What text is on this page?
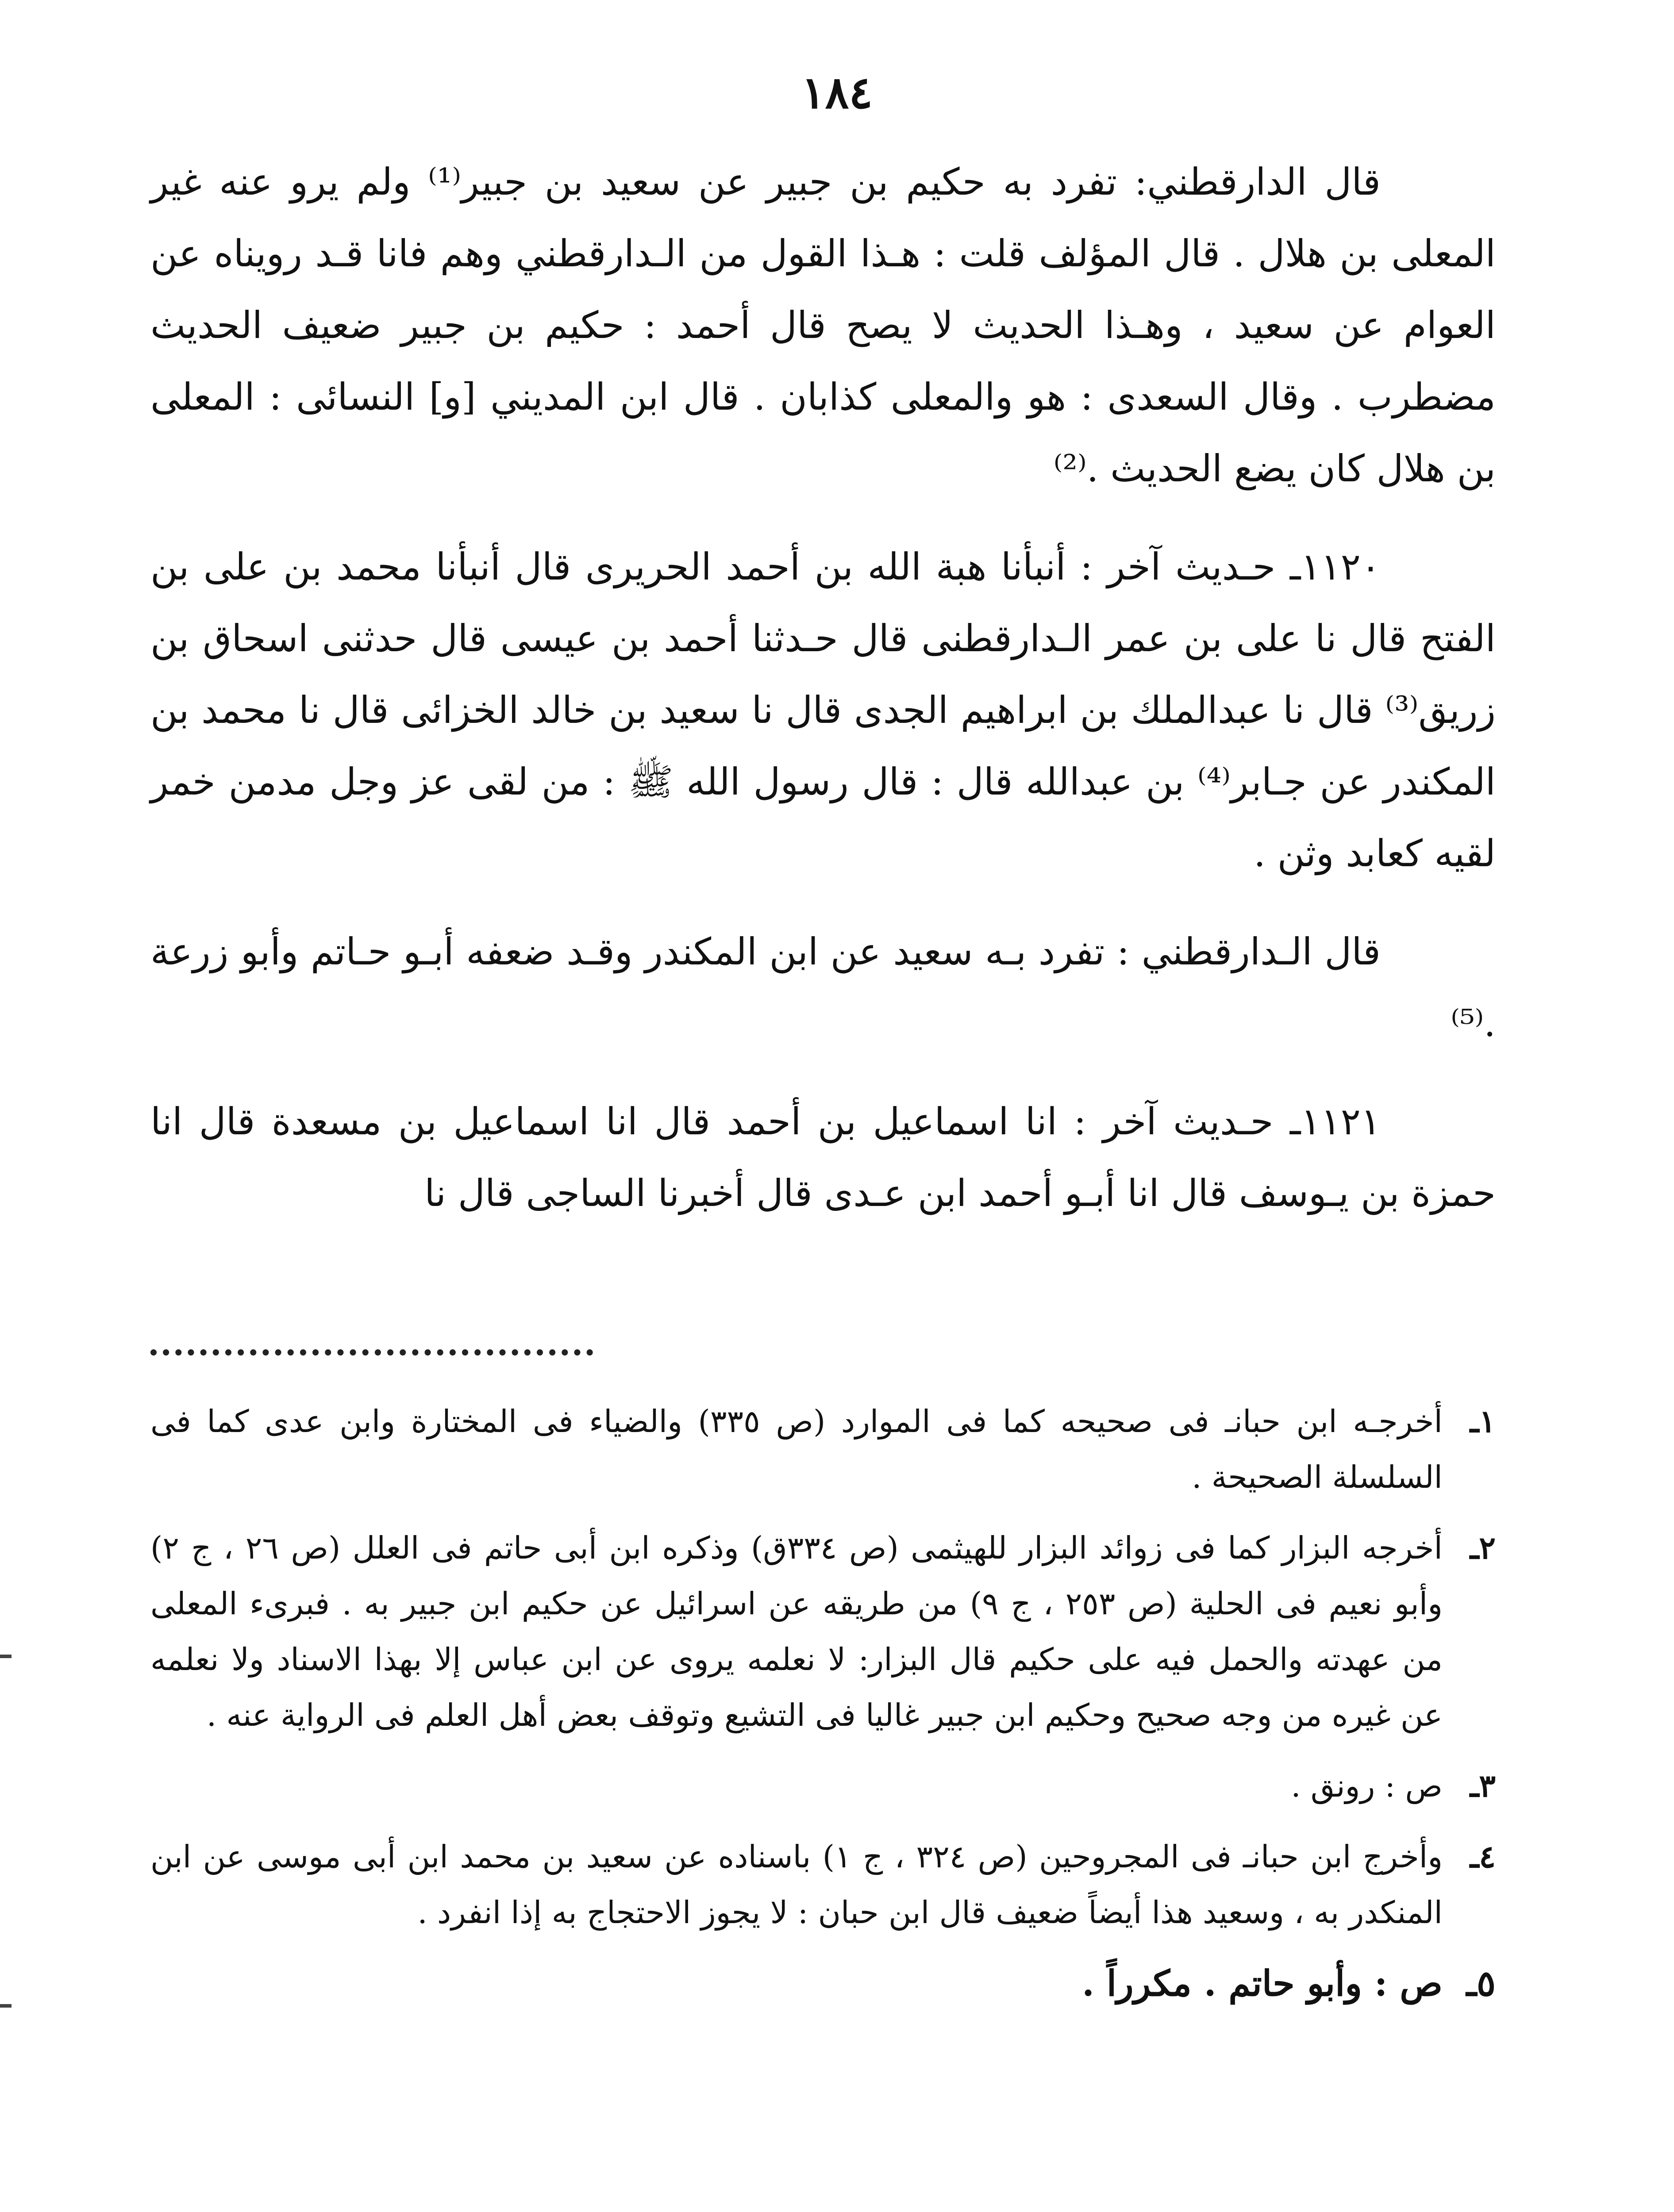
١٨٤

قال الدارقطني: تفرد به حكيم بن جبير عن سعيد بن جبير⁽¹⁾ ولم يرو عنه غير المعلى بن هلال . قال المؤلف قلت : هـذا القول من الـدارقطني وهم فانا قـد رويناه عن العوام عن سعيد ، وهـذا الحديث لا يصح قال أحمد : حكيم بن جبير ضعيف الحديث مضطرب . وقال السعدى : هو والمعلى كذابان . قال ابن المديني [و] النسائى : المعلى بن هلال كان يضع الحديث .⁽²⁾

١١٢٠ـ حـديث آخر : أنبأنا هبة الله بن أحمد الحريرى قال أنبأنا محمد بن على بن الفتح قال نا على بن عمر الـدارقطنى قال حـدثنا أحمد بن عيسى قال حدثنى اسحاق بن زريق⁽³⁾ قال نا عبدالملك بن ابراهيم الجدى قال نا سعيد بن خالد الخزائى قال نا محمد بن المكندر عن جـابر⁽⁴⁾ بن عبدالله قال : قال رسول الله ﷺ : من لقى عز وجل مدمن خمر لقيه كعابد وثن .

قال الـدارقطني : تفرد بـه سعيد عن ابن المكندر وقـد ضعفه أبـو حـاتم وأبو زرعة .⁽⁵⁾

١١٢١ـ حـديث آخر : انا اسماعيل بن أحمد قال انا اسماعيل بن مسعدة قال انا حمزة بن يـوسف قال انا أبـو أحمد ابن عـدى قال أخبرنا الساجى قال نا

١ـ
أخرجـه ابن حبانـ فى صحيحه كما فى الموارد (ص ٣٣٥) والضياء فى المختارة وابن عدى كما فى السلسلة الصحيحة .
٢ـ
أخرجه البزار كما فى زوائد البزار للهيثمى (ص ٣٣٤ق) وذكره ابن أبى حاتم فى العلل (ص ٢٦ ، ج ٢) وأبو نعيم فى الحلية (ص ٢٥٣ ، ج ٩) من طريقه عن اسرائيل عن حكيم ابن جبير به . فبرىء المعلى من عهدته والحمل فيه على حكيم قال البزار: لا نعلمه يروى عن ابن عباس إلا بهذا الاسناد ولا نعلمه عن غيره من وجه صحيح وحكيم ابن جبير غاليا فى التشيع وتوقف بعض أهل العلم فى الرواية عنه .
٣ـ
ص : رونق .
٤ـ
وأخرج ابن حبانـ فى المجروحين (ص ٣٢٤ ، ج ١) باسناده عن سعيد بن محمد ابن أبى موسى عن ابن المنكدر به ، وسعيد هذا أيضاً ضعيف قال ابن حبان : لا يجوز الاحتجاج به إذا انفرد .
٥ـ
ص : وأبو حاتم . مكرراً .
